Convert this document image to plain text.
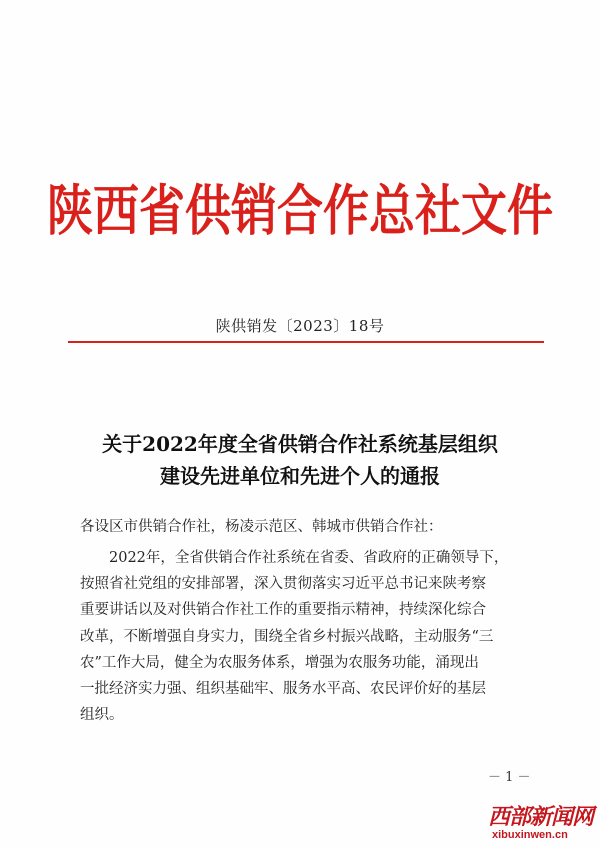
陕西省供销合作总社文件
陕供销发〔2023〕18号
关于2022年度全省供销合作社系统基层组织
建设先进单位和先进个人的通报
各设区市供销合作社，杨凌示范区、韩城市供销合作社：
　　2022年，全省供销合作社系统在省委、省政府的正确领导下，
按照省社党组的安排部署，深入贯彻落实习近平总书记来陕考察
重要讲话以及对供销合作社工作的重要指示精神，持续深化综合
改革，不断增强自身实力，围绕全省乡村振兴战略，主动服务“三
农”工作大局，健全为农服务体系，增强为农服务功能，涌现出
一批经济实力强、组织基础牢、服务水平高、农民评价好的基层
组织。
－ 1 －
西部新闻网
xibuxinwen.cn
